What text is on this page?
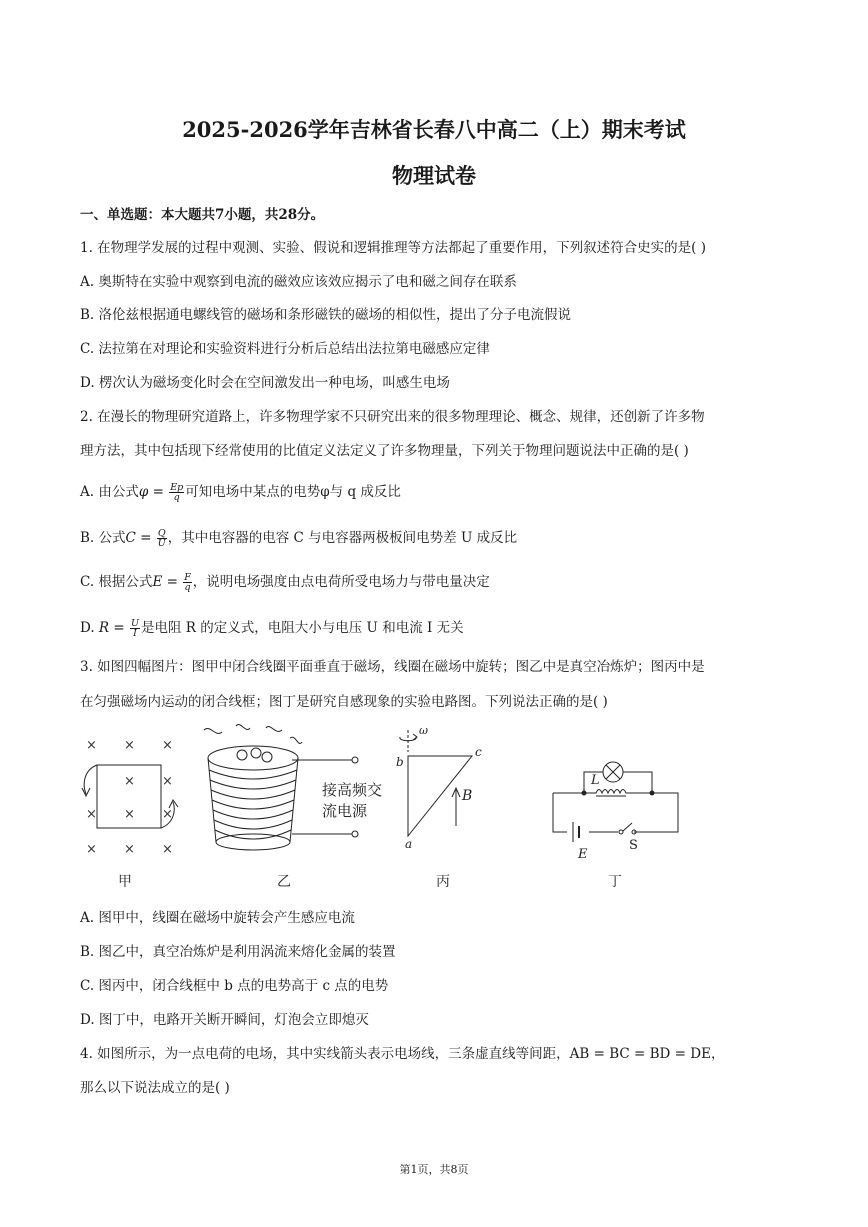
2025-2026学年吉林省长春八中高二（上）期末考试
物理试卷
一、单选题：本大题共7小题，共28分。
1. 在物理学发展的过程中观测、实验、假说和逻辑推理等方法都起了重要作用，下列叙述符合史实的是( )
A. 奥斯特在实验中观察到电流的磁效应该效应揭示了电和磁之间存在联系
B. 洛伦兹根据通电螺线管的磁场和条形磁铁的磁场的相似性，提出了分子电流假说
C. 法拉第在对理论和实验资料进行分析后总结出法拉第电磁感应定律
D. 楞次认为磁场变化时会在空间激发出一种电场，叫感生电场
2. 在漫长的物理研究道路上，许多物理学家不只研究出来的很多物理理论、概念、规律，还创新了许多物
理方法，其中包括现下经常使用的比值定义法定义了许多物理量，下列关于物理问题说法中正确的是( )
A. 由公式$\varphi = \frac{Ep}{q}$ 可知电场中某点的电势φ与 q 成反比
B. 公式$C = \frac{Q}{U}$ ，其中电容器的电容 C 与电容器两极板间电势差 U 成反比
C. 根据公式$E = \frac{F}{q}$ ，说明电场强度由点电荷所受电场力与带电量决定
D. $R = \frac{U}{I}$ 是电阻 R 的定义式，电阻大小与电压 U 和电流 I 无关
3. 如图四幅图片：图甲中闭合线圈平面垂直于磁场，线圈在磁场中旋转；图乙中是真空冶炼炉；图丙中是
在匀强磁场内运动的闭合线框；图丁是研究自感现象的实验电路图。下列说法正确的是( )
× × ×
× ×
× × ×
× × ×
接高频交
流电源
ω
b
c
a
B
L
E
S
甲	乙	丙	丁
A. 图甲中，线圈在磁场中旋转会产生感应电流
B. 图乙中，真空冶炼炉是利用涡流来熔化金属的装置
C. 图丙中，闭合线框中 b 点的电势高于 c 点的电势
D. 图丁中，电路开关断开瞬间，灯泡会立即熄灭
4. 如图所示，为一点电荷的电场，其中实线箭头表示电场线，三条虚直线等间距，AB = BC = BD = DE，
那么以下说法成立的是( )
第1页，共8页
